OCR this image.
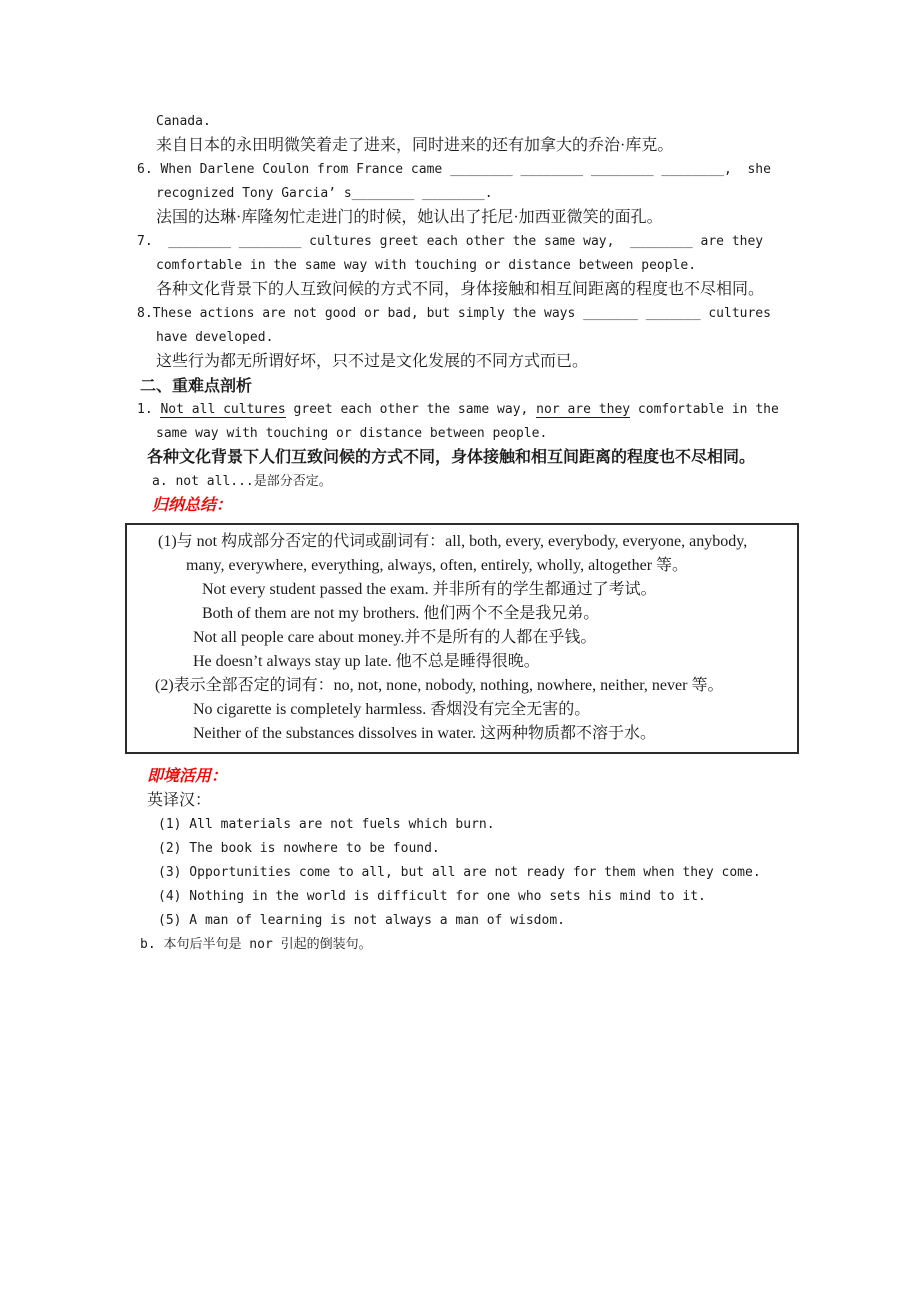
Canada.
来自日本的永田明微笑着走了进来，同时进来的还有加拿大的乔治·库克。
6. When Darlene Coulon from France came ________ ________ ________ ________,  she
recognized Tony Garcia’ s________ ________.
法国的达琳·库隆匆忙走进门的时候，她认出了托尼·加西亚微笑的面孔。
7.  ________ ________ cultures greet each other the same way,  ________ are they
comfortable in the same way with touching or distance between people.
各种文化背景下的人互致问候的方式不同，身体接触和相互间距离的程度也不尽相同。
8.These actions are not good or bad, but simply the ways _______ _______ cultures
have developed.
这些行为都无所谓好坏，只不过是文化发展的不同方式而已。
二、重难点剖析
1. Not all cultures greet each other the same way, nor are they comfortable in the
same way with touching or distance between people.
各种文化背景下人们互致问候的方式不同，身体接触和相互间距离的程度也不尽相同。
a. not all...是部分否定。
归纳总结：
(1)与 not 构成部分否定的代词或副词有：all, both, every, everybody, everyone, anybody,
many, everywhere, everything, always, often, entirely, wholly, altogether 等。
Not every student passed the exam. 并非所有的学生都通过了考试。
Both of them are not my brothers. 他们两个不全是我兄弟。
Not all people care about money.并不是所有的人都在乎钱。
He doesn’t always stay up late. 他不总是睡得很晚。
(2)表示全部否定的词有：no, not, none, nobody, nothing, nowhere, neither, never 等。
No cigarette is completely harmless. 香烟没有完全无害的。
Neither of the substances dissolves in water. 这两种物质都不溶于水。
即境活用：
英译汉：
(1) All materials are not fuels which burn.
(2) The book is nowhere to be found.
(3) Opportunities come to all, but all are not ready for them when they come.
(4) Nothing in the world is difficult for one who sets his mind to it.
(5) A man of learning is not always a man of wisdom.
b. 本句后半句是 nor 引起的倒装句。
